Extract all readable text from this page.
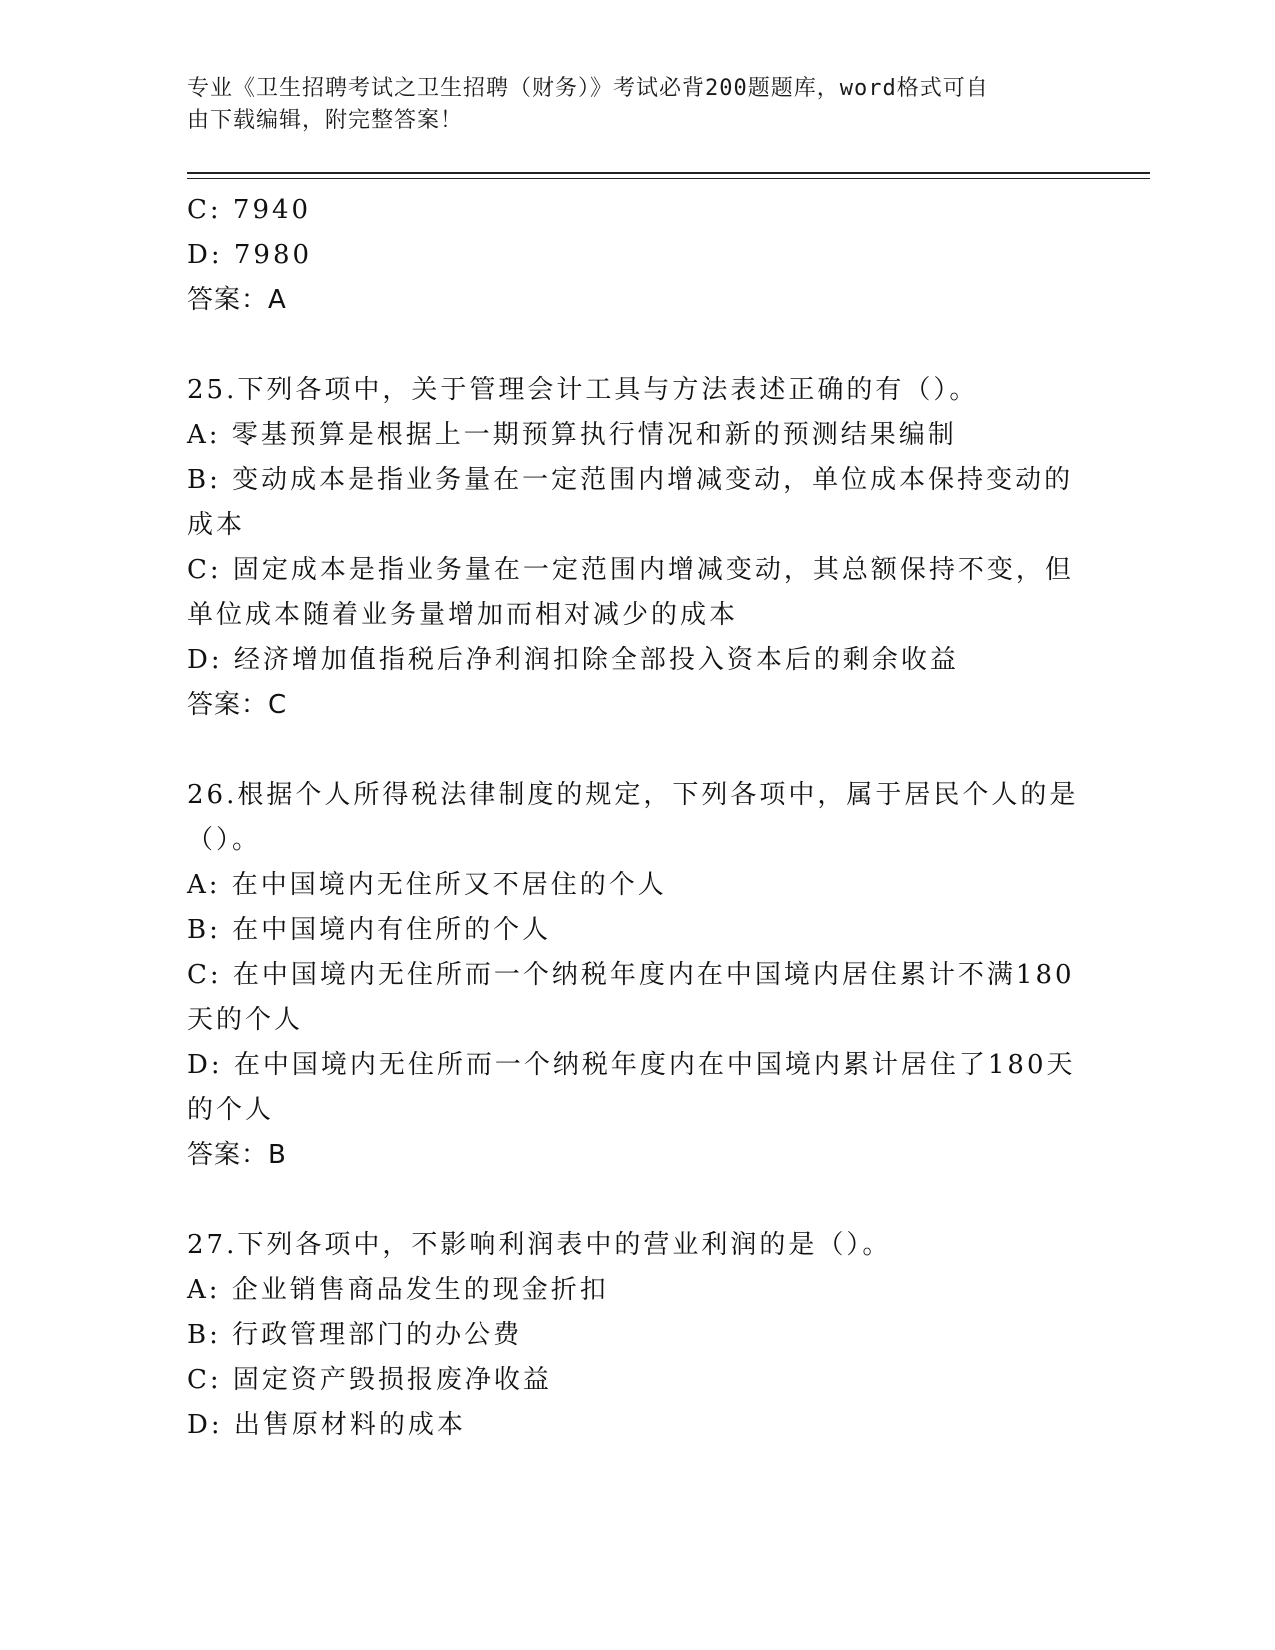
专业《卫生招聘考试之卫生招聘（财务）》考试必背200题题库，word格式可自
由下载编辑，附完整答案！
C: 7940
D: 7980
答案：A
25.下列各项中，关于管理会计工具与方法表述正确的有（）。
A: 零基预算是根据上一期预算执行情况和新的预测结果编制
B: 变动成本是指业务量在一定范围内增减变动，单位成本保持变动的
成本
C: 固定成本是指业务量在一定范围内增减变动，其总额保持不变，但
单位成本随着业务量增加而相对减少的成本
D: 经济增加值指税后净利润扣除全部投入资本后的剩余收益
答案：C
26.根据个人所得税法律制度的规定，下列各项中，属于居民个人的是
（）。
A: 在中国境内无住所又不居住的个人
B: 在中国境内有住所的个人
C: 在中国境内无住所而一个纳税年度内在中国境内居住累计不满180
天的个人
D: 在中国境内无住所而一个纳税年度内在中国境内累计居住了180天
的个人
答案：B
27.下列各项中，不影响利润表中的营业利润的是（）。
A: 企业销售商品发生的现金折扣
B: 行政管理部门的办公费
C: 固定资产毁损报废净收益
D: 出售原材料的成本
